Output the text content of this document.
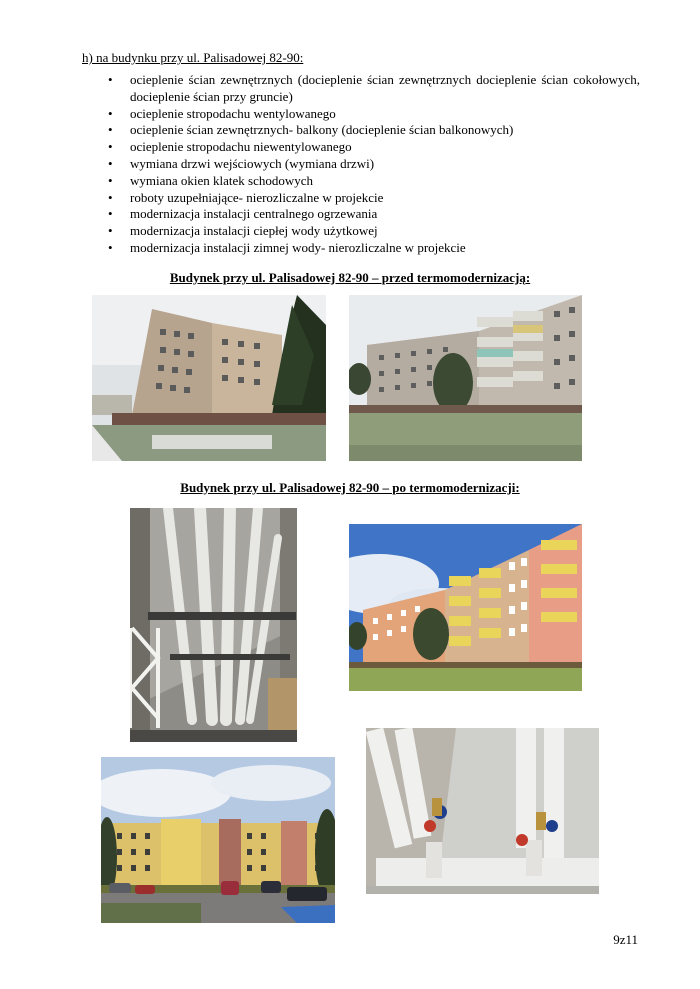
h) na budynku przy ul. Palisadowej 82-90:
•	ocieplenie ścian zewnętrznych (docieplenie ścian zewnętrznych docieplenie ścian cokołowych, docieplenie ścian przy gruncie)
•	ocieplenie stropodachu wentylowanego
•	ocieplenie ścian zewnętrznych- balkony (docieplenie ścian balkonowych)
•	ocieplenie stropodachu niewentylowanego
•	wymiana drzwi wejściowych (wymiana drzwi)
•	wymiana okien klatek schodowych
•	roboty uzupełniające- nierozliczalne w projekcie
•	modernizacja instalacji centralnego ogrzewania
•	modernizacja instalacji ciepłej wody użytkowej
•	modernizacja instalacji zimnej wody- nierozliczalne w projekcie
Budynek przy ul. Palisadowej 82-90 – przed termomodernizacją:
Budynek przy ul. Palisadowej 82-90 – po termomodernizacji:
9z11
